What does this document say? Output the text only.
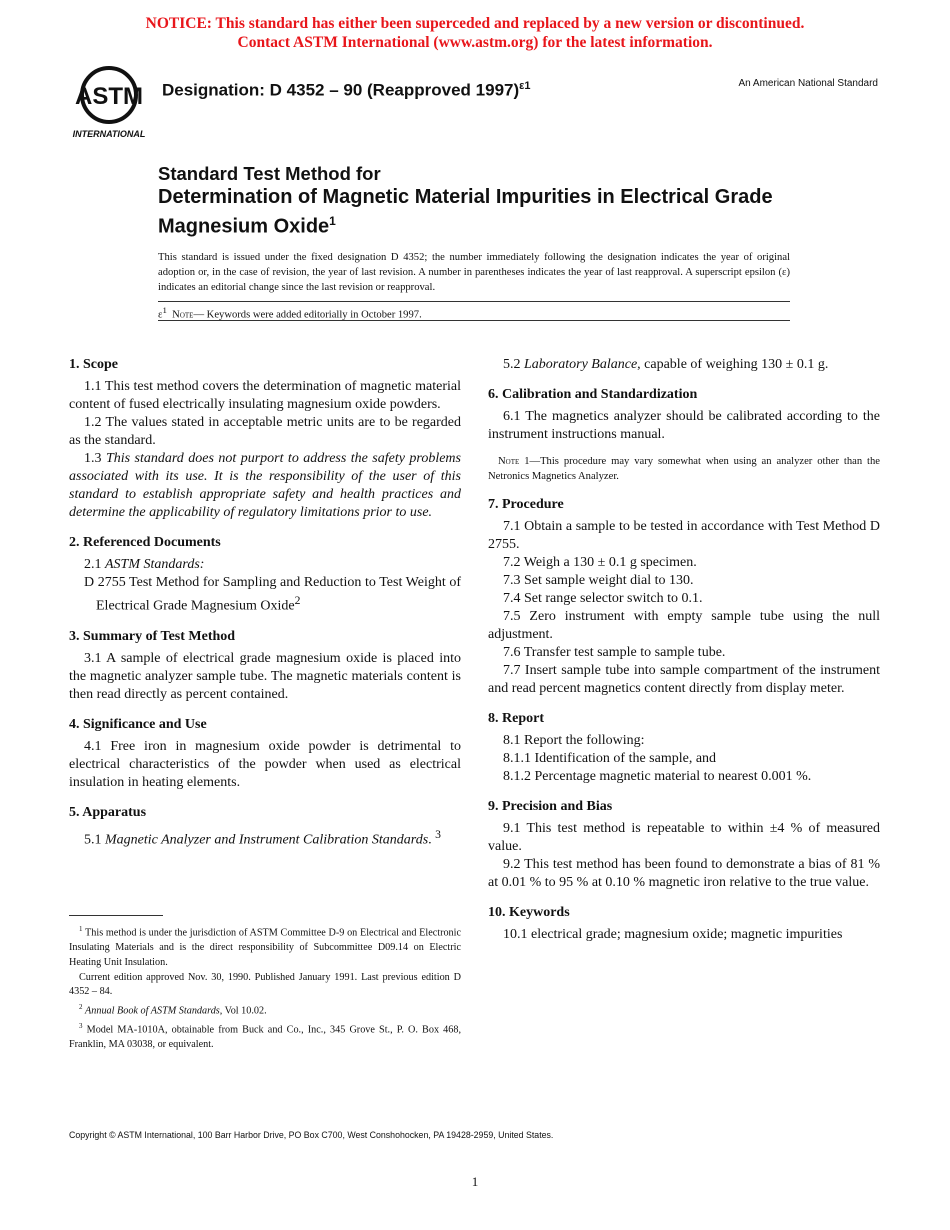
NOTICE: This standard has either been superceded and replaced by a new version or discontinued.
Contact ASTM International (www.astm.org) for the latest information.
ASTM
INTERNATIONAL
Designation: D 4352 – 90 (Reapproved 1997)$^{\varepsilon 1}$	An American National Standard
Standard Test Method for
Determination of Magnetic Material Impurities in Electrical Grade Magnesium Oxide$^1$
This standard is issued under the fixed designation D 4352; the number immediately following the designation indicates the year of original adoption or, in the case of revision, the year of last revision. A number in parentheses indicates the year of last reapproval. A superscript epsilon (ε) indicates an editorial change since the last revision or reapproval.
$\varepsilon^1$ Note— Keywords were added editorially in October 1997.
1. Scope

1.1 This test method covers the determination of magnetic material content of fused electrically insulating magnesium oxide powders.

1.2 The values stated in acceptable metric units are to be regarded as the standard.

1.3 This standard does not purport to address the safety problems associated with its use. It is the responsibility of the user of this standard to establish appropriate safety and health practices and determine the applicability of regulatory limitations prior to use.

2. Referenced Documents

2.1 ASTM Standards:

D 2755 Test Method for Sampling and Reduction to Test Weight of Electrical Grade Magnesium Oxide$^2$

3. Summary of Test Method

3.1 A sample of electrical grade magnesium oxide is placed into the magnetic analyzer sample tube. The magnetic materials content is then read directly as percent contained.

4. Significance and Use

4.1 Free iron in magnesium oxide powder is detrimental to electrical characteristics of the powder when used as electrical insulation in heating elements.

5. Apparatus

5.1 Magnetic Analyzer and Instrument Calibration Standards. $^3$

$^1$ This method is under the jurisdiction of ASTM Committee D-9 on Electrical and Electronic Insulating Materials and is the direct responsibility of Subcommittee D09.14 on Electric Heating Unit Insulation.

Current edition approved Nov. 30, 1990. Published January 1991. Last previous edition D 4352 – 84.

$^2$ Annual Book of ASTM Standards, Vol 10.02.

$^3$ Model MA-1010A, obtainable from Buck and Co., Inc., 345 Grove St., P. O. Box 468, Franklin, MA 03038, or equivalent.

5.2 Laboratory Balance, capable of weighing 130 ± 0.1 g.

6. Calibration and Standardization

6.1 The magnetics analyzer should be calibrated according to the instrument instructions manual.

Note 1—This procedure may vary somewhat when using an analyzer other than the Netronics Magnetics Analyzer.

7. Procedure

7.1 Obtain a sample to be tested in accordance with Test Method D 2755.

7.2 Weigh a 130 ± 0.1 g specimen.

7.3 Set sample weight dial to 130.

7.4 Set range selector switch to 0.1.

7.5 Zero instrument with empty sample tube using the null adjustment.

7.6 Transfer test sample to sample tube.

7.7 Insert sample tube into sample compartment of the instrument and read percent magnetics content directly from display meter.

8. Report

8.1 Report the following:

8.1.1 Identification of the sample, and

8.1.2 Percentage magnetic material to nearest 0.001 %.

9. Precision and Bias

9.1 This test method is repeatable to within ±4 % of measured value.

9.2 This test method has been found to demonstrate a bias of 81 % at 0.01 % to 95 % at 0.10 % magnetic iron relative to the true value.

10. Keywords

10.1 electrical grade; magnesium oxide; magnetic impurities

Copyright © ASTM International, 100 Barr Harbor Drive, PO Box C700, West Conshohocken, PA 19428-2959, United States.
1
